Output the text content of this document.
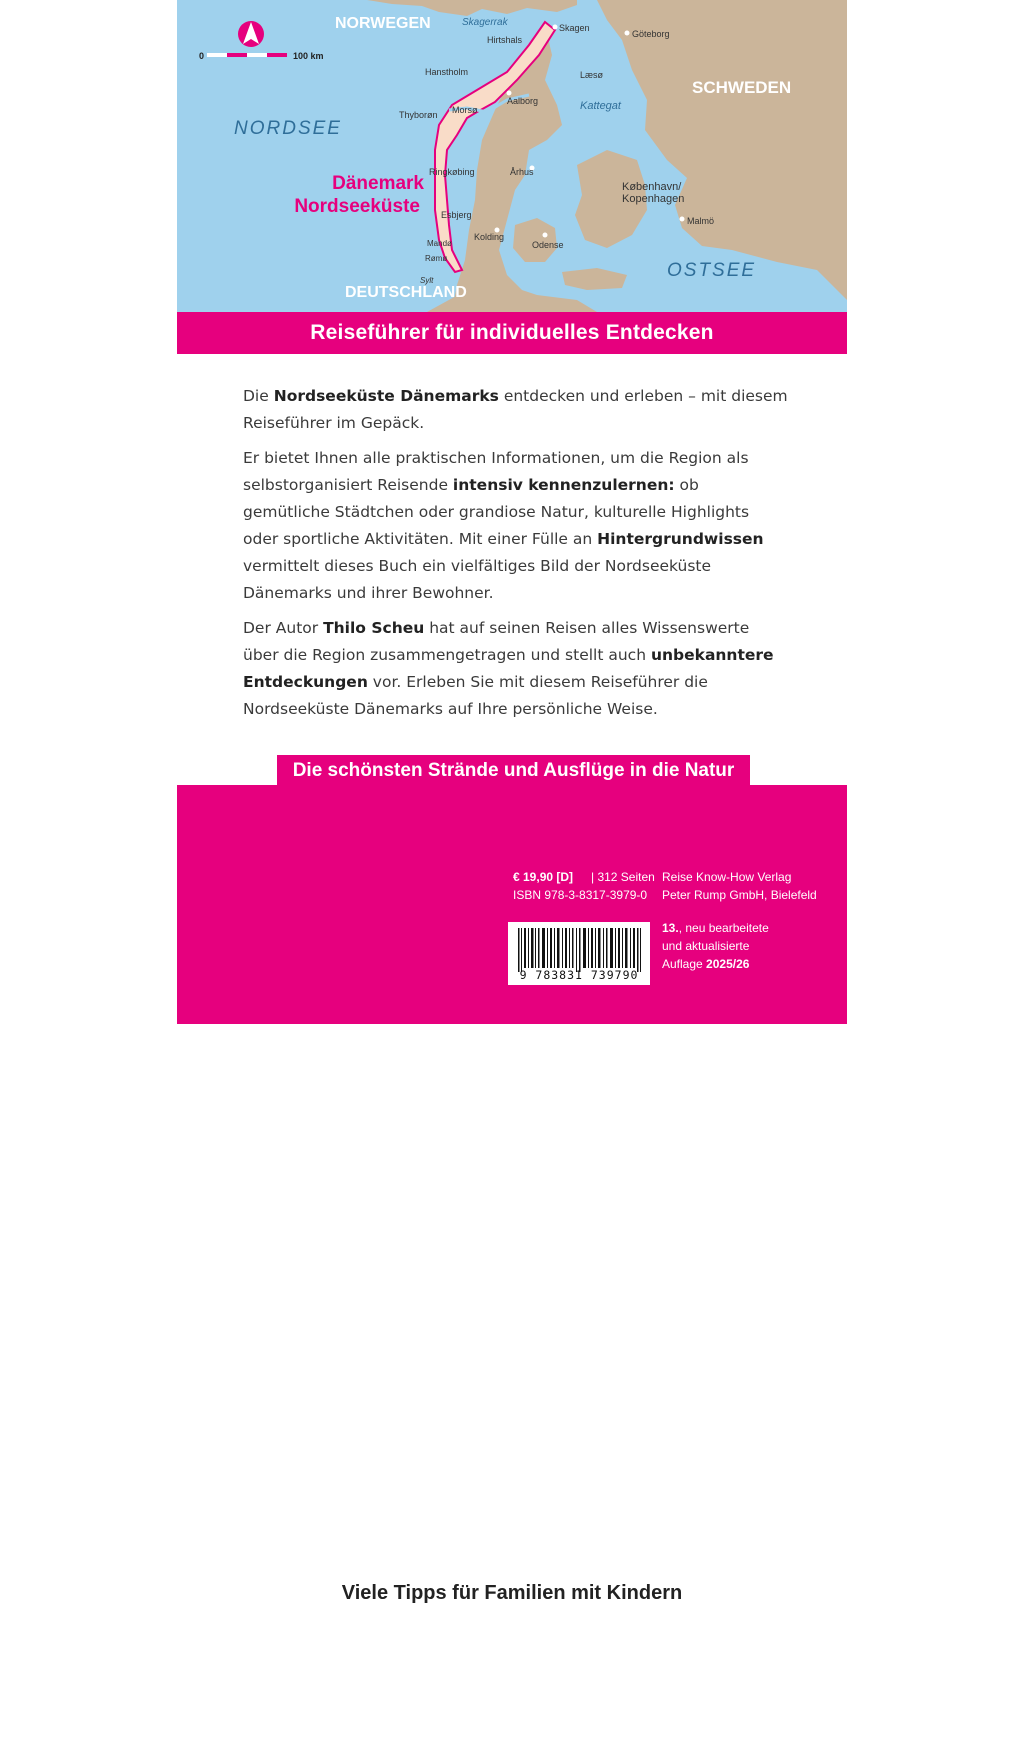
0	100 km
NORWEGEN
SCHWEDEN
DEUTSCHLAND
NORDSEE
OSTSEE
Skagerrak
Kattegat
Dänemark
Nordseeküste
Skagen
Hirtshals
Göteborg
Læsø
Hanstholm
Morsø
Aalborg
Thyborøn
Ringkøbing	Århus
København/
Kopenhagen
Malmö
Esbjerg
Kolding
Odense
Mandø
Rømø
Sylt
Reiseführer für individuelles Entdecken

Die Nordseeküste Dänemarks entdecken und erleben – mit diesem Reiseführer im Gepäck.

Er bietet Ihnen alle praktischen Informationen, um die Region als selbstorganisiert Reisende intensiv kennenzulernen: ob gemütliche Städtchen oder grandiose Natur, kulturelle Highlights oder sportliche Aktivitäten. Mit einer Fülle an Hintergrundwissen vermittelt dieses Buch ein vielfältiges Bild der Nordseeküste Dänemarks und ihrer Bewohner.

Der Autor Thilo Scheu hat auf seinen Reisen alles Wissenswerte über die Region zusammengetragen und stellt auch unbekanntere Entdeckungen vor. Erleben Sie mit diesem Reiseführer die Nordseeküste Dänemarks auf Ihre persönliche Weise.

Die schönsten Strände und Ausflüge in die Natur
Viele Tipps für Familien mit Kindern
Sport für alle: Angeln, Reiten,
Surfen, Radfahren und vieles mehr
Genießertipps von Fisch
bis smørrebrød
Kleine Sprachhilfe Dänisch
€ 19,90 [D] | 312 Seiten
ISBN 978-3-8317-3979-0
Reise Know-How Verlag
Peter Rump GmbH, Bielefeld
13., neu bearbeitete
und aktualisierte
Auflage 2025/26
9 783831 739790
